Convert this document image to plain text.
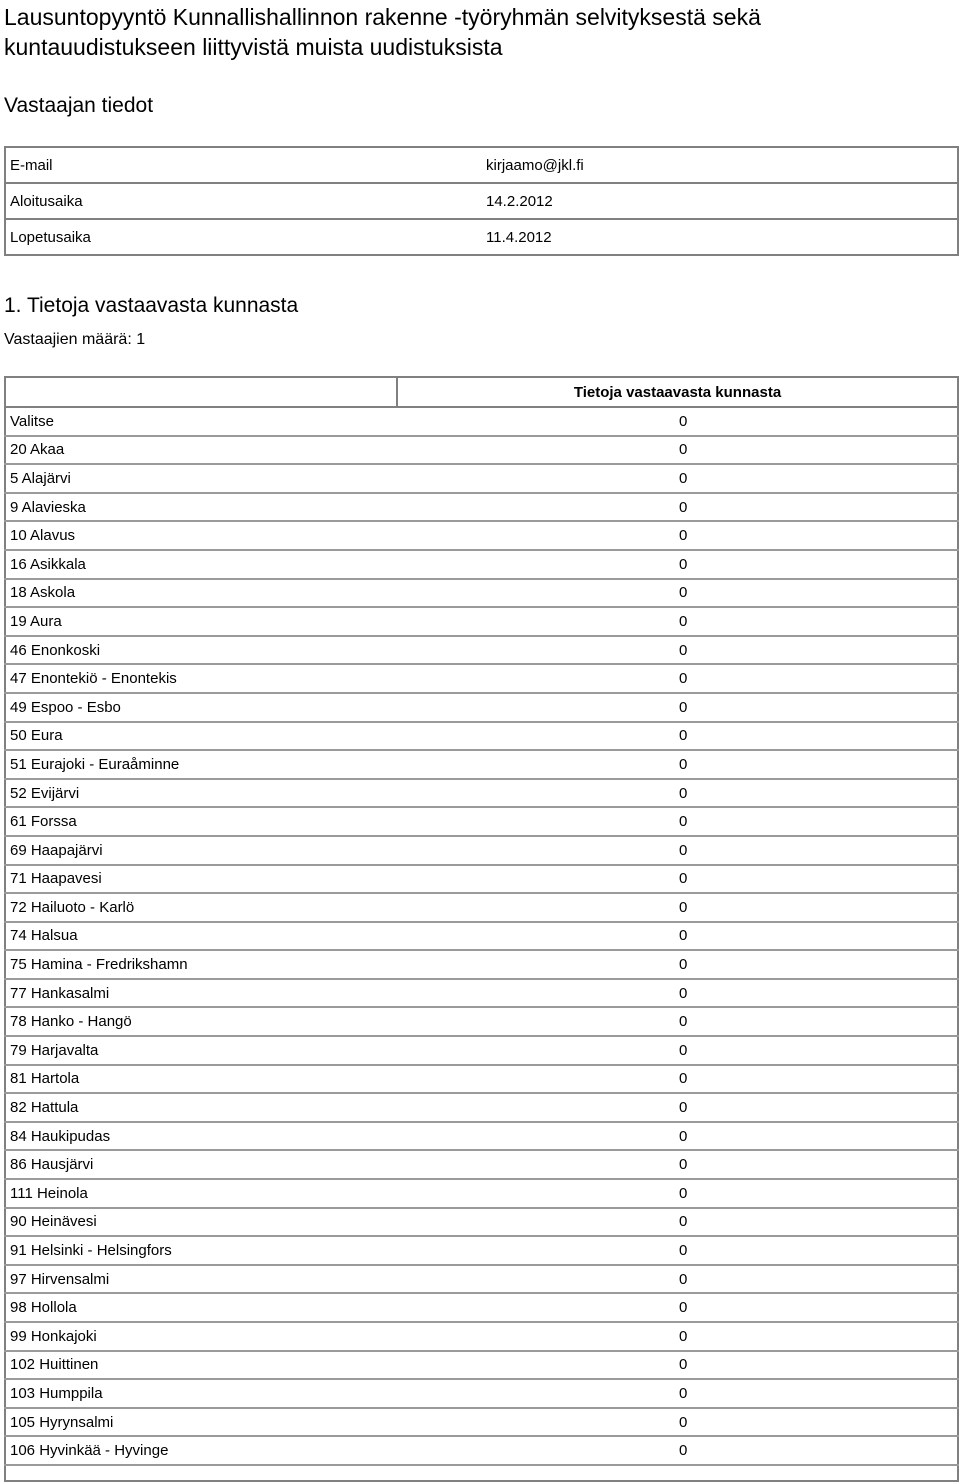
Lausuntopyyntö Kunnallishallinnon rakenne -työryhmän selvityksestä sekä kuntauudistukseen liittyvistä muista uudistuksista
Vastaajan tiedot
E-mail	kirjaamo@jkl.fi
Aloitusaika	14.2.2012
Lopetusaika	11.4.2012
1. Tietoja vastaavasta kunnasta
Vastaajien määrä: 1
	Tietoja vastaavasta kunnasta
Valitse	0
20 Akaa	0
5 Alajärvi	0
9 Alavieska	0
10 Alavus	0
16 Asikkala	0
18 Askola	0
19 Aura	0
46 Enonkoski	0
47 Enontekiö - Enontekis	0
49 Espoo - Esbo	0
50 Eura	0
51 Eurajoki - Euraåminne	0
52 Evijärvi	0
61 Forssa	0
69 Haapajärvi	0
71 Haapavesi	0
72 Hailuoto - Karlö	0
74 Halsua	0
75 Hamina - Fredrikshamn	0
77 Hankasalmi	0
78 Hanko - Hangö	0
79 Harjavalta	0
81 Hartola	0
82 Hattula	0
84 Haukipudas	0
86 Hausjärvi	0
111 Heinola	0
90 Heinävesi	0
91 Helsinki - Helsingfors	0
97 Hirvensalmi	0
98 Hollola	0
99 Honkajoki	0
102 Huittinen	0
103 Humppila	0
105 Hyrynsalmi	0
106 Hyvinkää - Hyvinge	0
